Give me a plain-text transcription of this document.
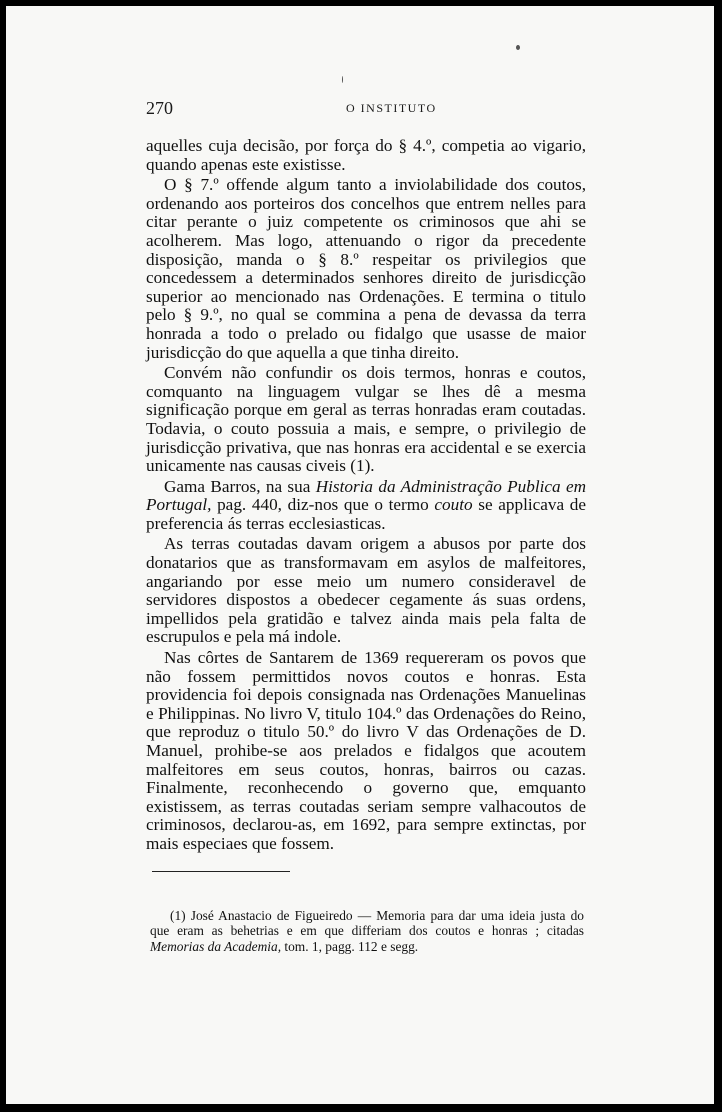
270	O INSTITUTO

aquelles cuja decisão, por força do § 4.º, competia ao vigario, quando apenas este existisse.

O § 7.º offende algum tanto a inviolabilidade dos coutos, ordenando aos porteiros dos concelhos que entrem nelles para citar perante o juiz competente os criminosos que ahi se acolherem. Mas logo, attenuando o rigor da precedente disposição, manda o § 8.º respeitar os privilegios que concedessem a determinados senhores direito de jurisdicção superior ao mencionado nas Ordenações. E termina o titulo pelo § 9.º, no qual se commina a pena de devassa da terra honrada a todo o prelado ou fidalgo que usasse de maior jurisdicção do que aquella a que tinha direito.

Convém não confundir os dois termos, honras e coutos, comquanto na linguagem vulgar se lhes dê a mesma significação porque em geral as terras honradas eram coutadas. Todavia, o couto possuia a mais, e sempre, o privilegio de jurisdicção privativa, que nas honras era accidental e se exercia unicamente nas causas civeis (1).

Gama Barros, na sua Historia da Administração Publica em Portugal, pag. 440, diz-nos que o termo couto se applicava de preferencia ás terras ecclesiasticas.

As terras coutadas davam origem a abusos por parte dos donatarios que as transformavam em asylos de malfeitores, angariando por esse meio um numero consideravel de servidores dispostos a obedecer cegamente ás suas ordens, impellidos pela gratidão e talvez ainda mais pela falta de escrupulos e pela má indole.

Nas côrtes de Santarem de 1369 requereram os povos que não fossem permittidos novos coutos e honras. Esta providencia foi depois consignada nas Ordenações Manuelinas e Philippinas. No livro V, titulo 104.º das Ordenações do Reino, que reproduz o titulo 50.º do livro V das Ordenações de D. Manuel, prohibe-se aos prelados e fidalgos que acoutem malfeitores em seus coutos, honras, bairros ou cazas. Finalmente, reconhecendo o governo que, emquanto existissem, as terras coutadas seriam sempre valhacoutos de criminosos, declarou-as, em 1692, para sempre extinctas, por mais especiaes que fossem.

(1) José Anastacio de Figueiredo — Memoria para dar uma ideia justa do que eram as behetrias e em que differiam dos coutos e honras ; citadas Memorias da Academia, tom. 1, pagg. 112 e segg.
